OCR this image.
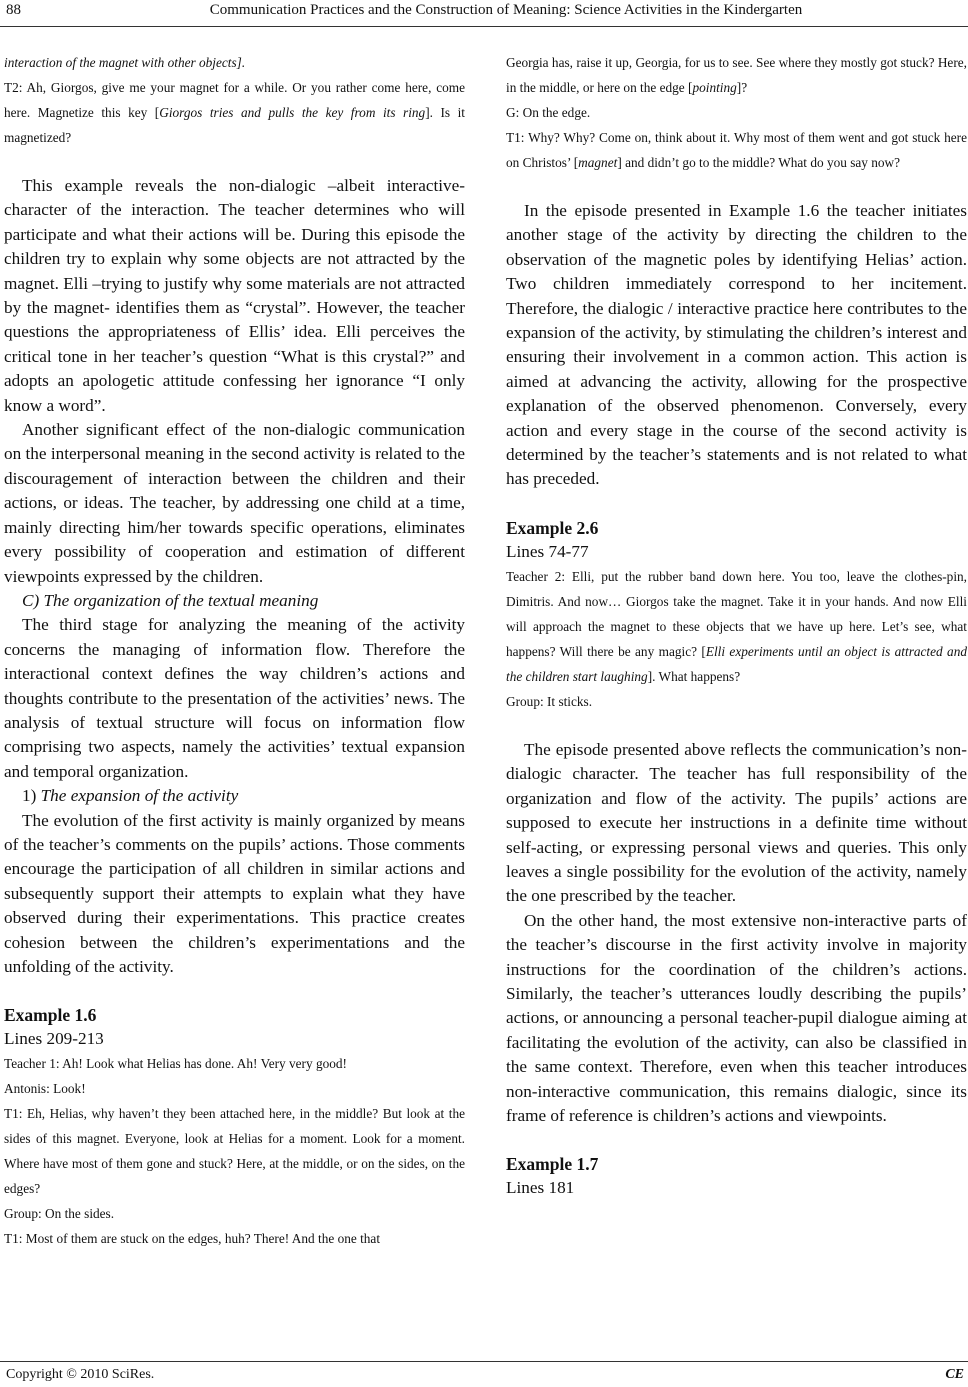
88	Communication Practices and the Construction of Meaning: Science Activities in the Kindergarten

interaction of the magnet with other objects].

T2: Ah, Giorgos, give me your magnet for a while. Or you rather come here, come here. Magnetize this key [Giorgos tries and pulls the key from its ring]. Is it magnetized?

This example reveals the non-dialogic –albeit interactive- character of the interaction. The teacher determines who will participate and what their actions will be. During this episode the children try to explain why some objects are not attracted by the magnet. Elli –trying to justify why some materials are not attracted by the magnet- identifies them as “crystal”. However, the teacher questions the appropriateness of Ellis’ idea. Elli perceives the critical tone in her teacher’s question “What is this crystal?” and adopts an apologetic attitude confessing her ignorance “I only know a word”.

Another significant effect of the non-dialogic communication on the interpersonal meaning in the second activity is related to the discouragement of interaction between the children and their actions, or ideas. The teacher, by addressing one child at a time, mainly directing him/her towards specific operations, eliminates every possibility of cooperation and estimation of different viewpoints expressed by the children.

C) The organization of the textual meaning

The third stage for analyzing the meaning of the activity concerns the managing of information flow. Therefore the interactional context defines the way children’s actions and thoughts contribute to the presentation of the activities’ news. The analysis of textual structure will focus on information flow comprising two aspects, namely the activities’ textual expansion and temporal organization.

1) The expansion of the activity

The evolution of the first activity is mainly organized by means of the teacher’s comments on the pupils’ actions. Those comments encourage the participation of all children in similar actions and subsequently support their attempts to explain what they have observed during their experimentations. This practice creates cohesion between the children’s experimentations and the unfolding of the activity.

Example 1.6

Lines 209-213

Teacher 1: Ah! Look what Helias has done. Ah! Very very good!

Antonis: Look!

T1: Eh, Helias, why haven’t they been attached here, in the middle? But look at the sides of this magnet. Everyone, look at Helias for a moment. Look for a moment. Where have most of them gone and stuck? Here, at the middle, or on the sides, on the edges?

Group: On the sides.

T1: Most of them are stuck on the edges, huh? There! And the one that

Georgia has, raise it up, Georgia, for us to see. See where they mostly got stuck? Here, in the middle, or here on the edge [pointing]?

G: On the edge.

T1: Why? Why? Come on, think about it. Why most of them went and got stuck here on Christos’ [magnet] and didn’t go to the middle? What do you say now?

In the episode presented in Example 1.6 the teacher initiates another stage of the activity by directing the children to the observation of the magnetic poles by identifying Helias’ action. Two children immediately correspond to her incitement. Therefore, the dialogic / interactive practice here contributes to the expansion of the activity, by stimulating the children’s interest and ensuring their involvement in a common action. This action is aimed at advancing the activity, allowing for the prospective explanation of the observed phenomenon. Conversely, every action and every stage in the course of the second activity is determined by the teacher’s statements and is not related to what has preceded.

Example 2.6

Lines 74-77

Teacher 2: Elli, put the rubber band down here. You too, leave the clothes-pin, Dimitris. And now… Giorgos take the magnet. Take it in your hands. And now Elli will approach the magnet to these objects that we have up here. Let’s see, what happens? Will there be any magic? [Elli experiments until an object is attracted and the children start laughing]. What happens?

Group: It sticks.

The episode presented above reflects the communication’s non-dialogic character. The teacher has full responsibility of the organization and flow of the activity. The pupils’ actions are supposed to execute her instructions in a definite time without self-acting, or expressing personal views and queries. This only leaves a single possibility for the evolution of the activity, namely the one prescribed by the teacher.

On the other hand, the most extensive non-interactive parts of the teacher’s discourse in the first activity involve in majority instructions for the coordination of the children’s actions. Similarly, the teacher’s utterances loudly describing the pupils’ actions, or announcing a personal teacher-pupil dialogue aiming at facilitating the evolution of the activity, can also be classified in the same context. Therefore, even when this teacher introduces non-interactive communication, this remains dialogic, since its frame of reference is children’s actions and viewpoints.

Example 1.7

Lines 181

Copyright © 2010 SciRes.	CE
